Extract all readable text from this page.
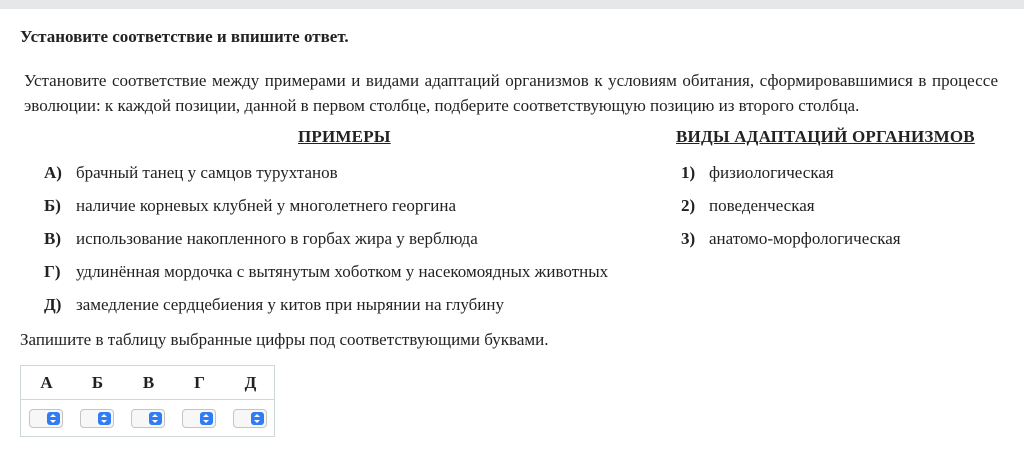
Установите соответствие и впишите ответ.
Установите соответствие между примерами и видами адаптаций организмов к условиям обитания, сформировавшимися в процессе эволюции: к каждой позиции, данной в первом столбце, подберите соответствующую позицию из второго столбца.
ПРИМЕРЫ	ВИДЫ АДАПТАЦИЙ ОРГАНИЗМОВ
А) брачный танец у самцов турухтанов
Б) наличие корневых клубней у многолетнего георгина
В) использование накопленного в горбах жира у верблюда
Г) удлинённая мордочка с вытянутым хоботком у насекомоядных животных
Д) замедление сердцебиения у китов при нырянии на глубину
1) физиологическая
2) поведенческая
3) анатомо-морфологическая
Запишите в таблицу выбранные цифры под соответствующими буквами.
А	Б	В	Г	Д
